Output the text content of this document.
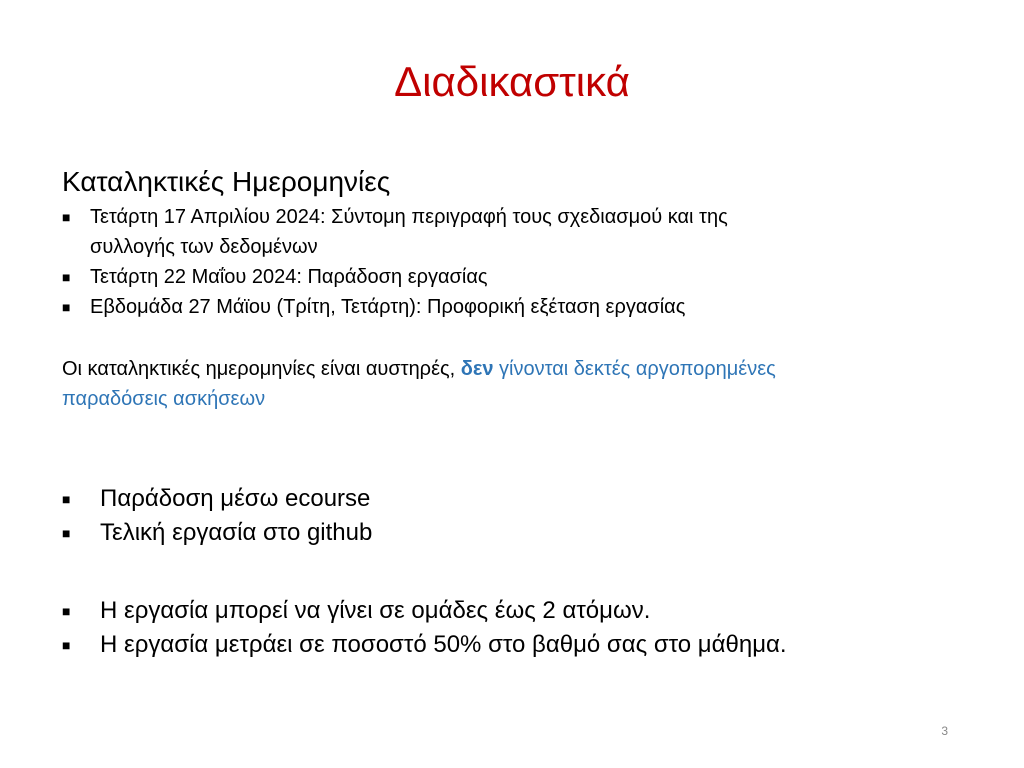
Διαδικαστικά
Καταληκτικές Ημερομηνίες
■ Τετάρτη 17 Απριλίου 2024: Σύντομη περιγραφή τους σχεδιασμού και της
συλλογής των δεδομένων
■ Τετάρτη 22 Μαΐου 2024: Παράδοση εργασίας
■ Εβδομάδα 27 Μάϊου (Τρίτη, Τετάρτη): Προφορική εξέταση εργασίας

Οι καταληκτικές ημερομηνίες είναι αυστηρές, δεν γίνονται δεκτές αργοπορημένες
παραδόσεις ασκήσεων

■ Παράδοση μέσω ecourse
■ Τελική εργασία στο github
■ Η εργασία μπορεί να γίνει σε ομάδες έως 2 ατόμων.
■ Η εργασία μετράει σε ποσοστό 50% στο βαθμό σας στο μάθημα.
3
